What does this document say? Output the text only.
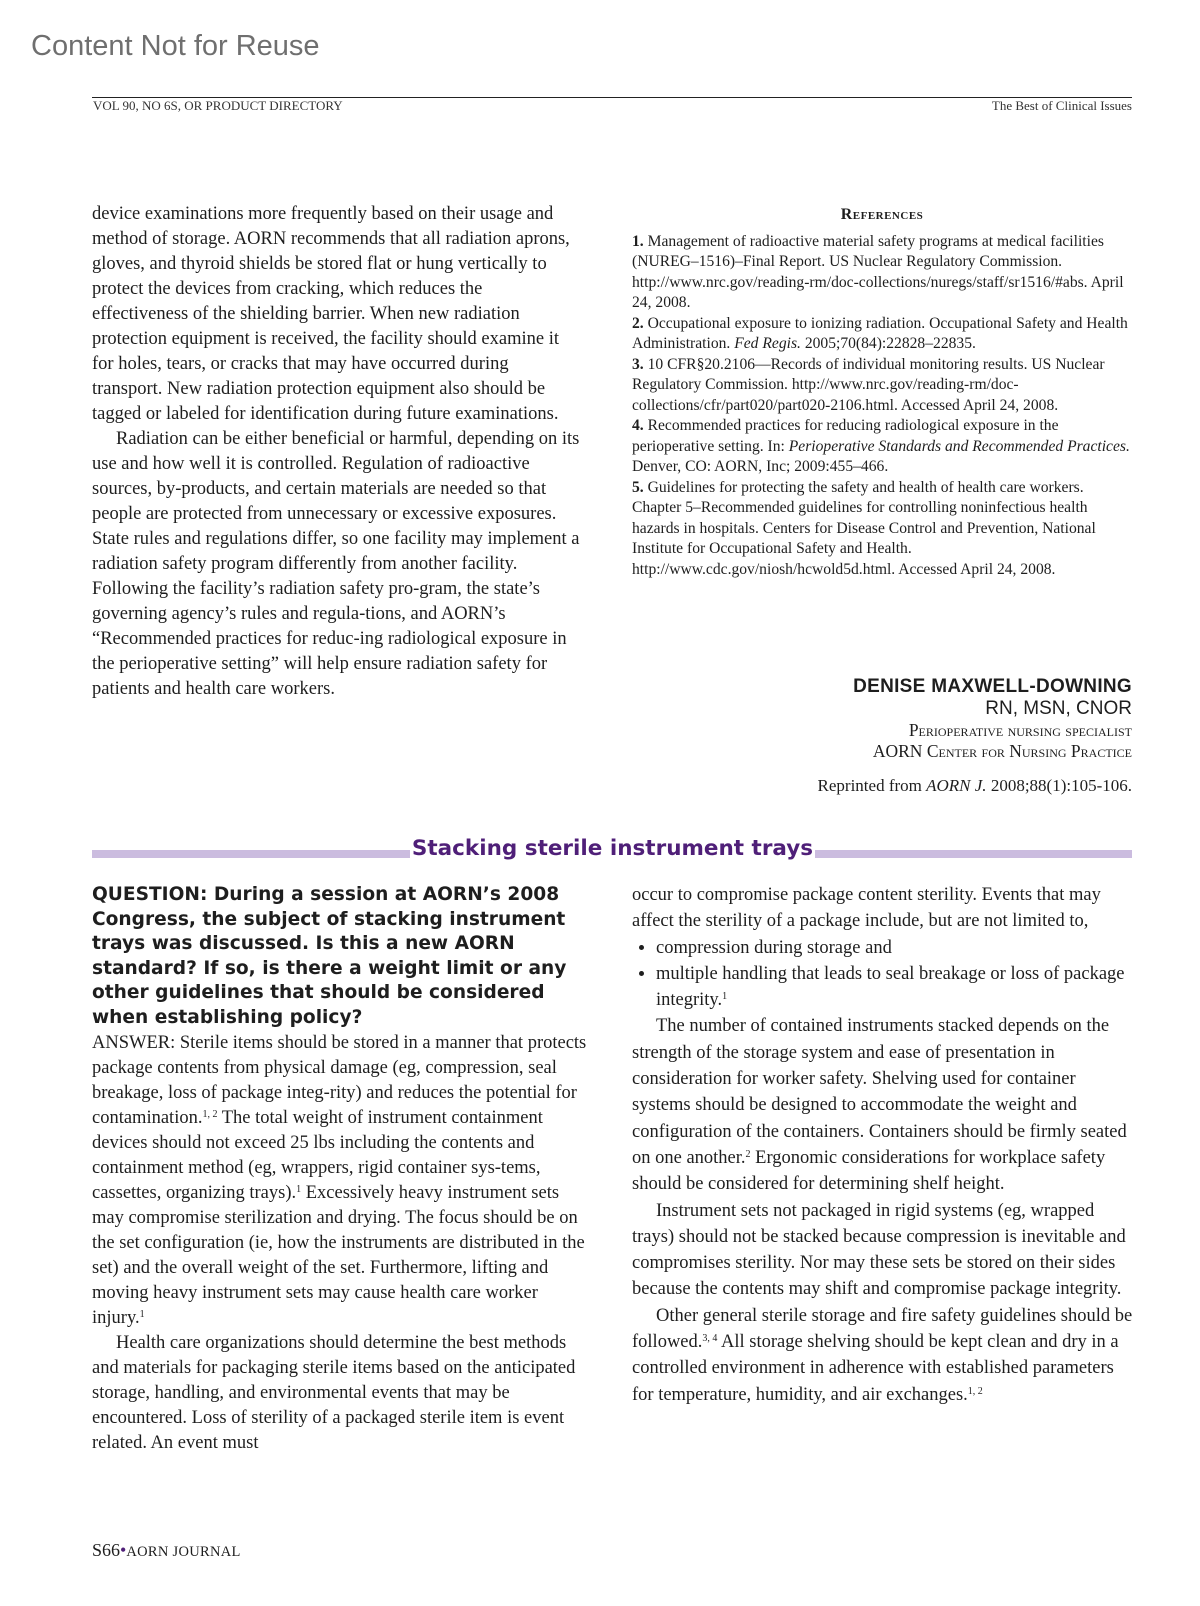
Content Not for Reuse
VOL 90, NO 6S, OR PRODUCT DIRECTORY	The Best of Clinical Issues

device examinations more frequently based on their usage and method of storage. AORN recommends that all radiation aprons, gloves, and thyroid shields be stored flat or hung vertically to protect the devices from cracking, which reduces the effectiveness of the shielding barrier. When new radiation protection equipment is received, the facility should examine it for holes, tears, or cracks that may have occurred during transport. New radiation protection equipment also should be tagged or labeled for identification during future examinations.

Radiation can be either beneficial or harmful, depending on its use and how well it is controlled. Regulation of radioactive sources, by-products, and certain materials are needed so that people are protected from unnecessary or excessive exposures. State rules and regulations differ, so one facility may implement a radiation safety program differently from another facility. Following the facility’s radiation safety pro-gram, the state’s governing agency’s rules and regula-tions, and AORN’s “Recommended practices for reduc-ing radiological exposure in the perioperative setting” will help ensure radiation safety for patients and health care workers.

References

1. Management of radioactive material safety programs at medical facilities (NUREG–1516)–Final Report. US Nuclear Regulatory Commission. http://www.nrc.gov/reading-rm/doc-collections/nuregs/staff/sr1516/#abs. April 24, 2008.

2. Occupational exposure to ionizing radiation. Occupational Safety and Health Administration. Fed Regis. 2005;70(84):22828–22835.

3. 10 CFR§20.2106—Records of individual monitoring results. US Nuclear Regulatory Commission. http://www.nrc.gov/reading-rm/doc-collections/cfr/part020/part020-2106.html. Accessed April 24, 2008.

4. Recommended practices for reducing radiological exposure in the perioperative setting. In: Perioperative Standards and Recommended Practices. Denver, CO: AORN, Inc; 2009:455–466.

5. Guidelines for protecting the safety and health of health care workers. Chapter 5–Recommended guidelines for controlling noninfectious health hazards in hospitals. Centers for Disease Control and Prevention, National Institute for Occupational Safety and Health. http://www.cdc.gov/niosh/hcwold5d.html. Accessed April 24, 2008.

DENISE MAXWELL-DOWNING
RN, MSN, CNOR
Perioperative nursing specialist
AORN Center for Nursing Practice
Reprinted from AORN J. 2008;88(1):105-106.
Stacking sterile instrument trays

QUESTION: During a session at AORN’s 2008 Congress, the subject of stacking instrument trays was discussed. Is this a new AORN standard? If so, is there a weight limit or any other guidelines that should be considered when establishing policy?

ANSWER: Sterile items should be stored in a manner that protects package contents from physical damage (eg, compression, seal breakage, loss of package integ-rity) and reduces the potential for contamination.$^{1, 2}$ The total weight of instrument containment devices should not exceed 25 lbs including the contents and containment method (eg, wrappers, rigid container sys-tems, cassettes, organizing trays).$^1$ Excessively heavy instrument sets may compromise sterilization and drying. The focus should be on the set configuration (ie, how the instruments are distributed in the set) and the overall weight of the set. Furthermore, lifting and moving heavy instrument sets may cause health care worker injury.$^1$

Health care organizations should determine the best methods and materials for packaging sterile items based on the anticipated storage, handling, and environmental events that may be encountered. Loss of sterility of a packaged sterile item is event related. An event must

occur to compromise package content sterility. Events that may affect the sterility of a package include, but are not limited to,

• compression during storage and
• multiple handling that leads to seal breakage or loss of package integrity.$^1$

The number of contained instruments stacked depends on the strength of the storage system and ease of presentation in consideration for worker safety. Shelving used for container systems should be designed to accommodate the weight and configuration of the containers. Containers should be firmly seated on one another.$^2$ Ergonomic considerations for workplace safety should be considered for determining shelf height.

Instrument sets not packaged in rigid systems (eg, wrapped trays) should not be stacked because compression is inevitable and compromises sterility. Nor may these sets be stored on their sides because the contents may shift and compromise package integrity.

Other general sterile storage and fire safety guidelines should be followed.$^{3, 4}$ All storage shelving should be kept clean and dry in a controlled environment in adherence with established parameters for temperature, humidity, and air exchanges.$^{1, 2}$

S66•AORN JOURNAL
